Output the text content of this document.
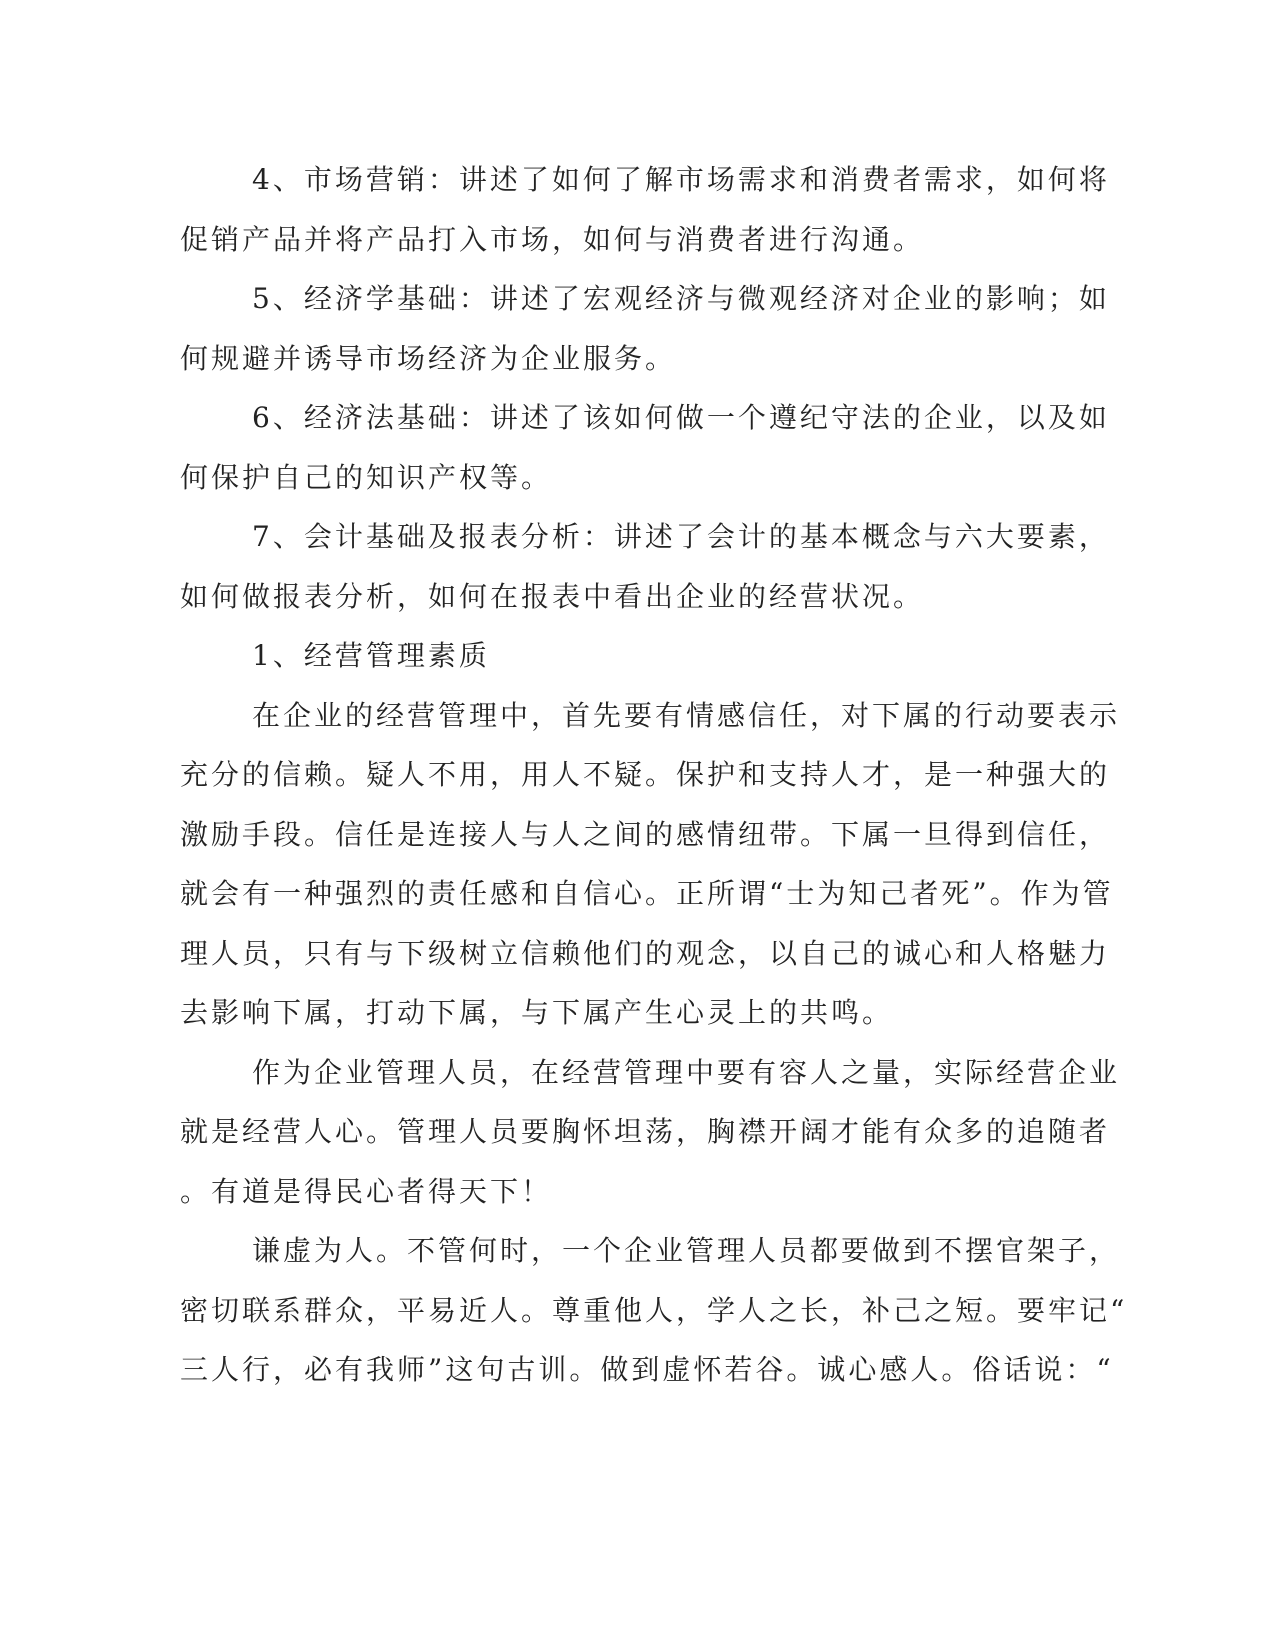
4、市场营销：讲述了如何了解市场需求和消费者需求，如何将
促销产品并将产品打入市场，如何与消费者进行沟通。

5、经济学基础：讲述了宏观经济与微观经济对企业的影响；如
何规避并诱导市场经济为企业服务。

6、经济法基础：讲述了该如何做一个遵纪守法的企业，以及如
何保护自己的知识产权等。

7、会计基础及报表分析：讲述了会计的基本概念与六大要素，
如何做报表分析，如何在报表中看出企业的经营状况。

1、经营管理素质

在企业的经营管理中，首先要有情感信任，对下属的行动要表示
充分的信赖。疑人不用，用人不疑。保护和支持人才，是一种强大的
激励手段。信任是连接人与人之间的感情纽带。下属一旦得到信任，
就会有一种强烈的责任感和自信心。正所谓“士为知己者死”。作为管
理人员，只有与下级树立信赖他们的观念，以自己的诚心和人格魅力
去影响下属，打动下属，与下属产生心灵上的共鸣。

作为企业管理人员，在经营管理中要有容人之量，实际经营企业
就是经营人心。管理人员要胸怀坦荡，胸襟开阔才能有众多的追随者
。有道是得民心者得天下！

谦虚为人。不管何时，一个企业管理人员都要做到不摆官架子，
密切联系群众，平易近人。尊重他人，学人之长，补己之短。要牢记“
三人行，必有我师”这句古训。做到虚怀若谷。诚心感人。俗话说：“
